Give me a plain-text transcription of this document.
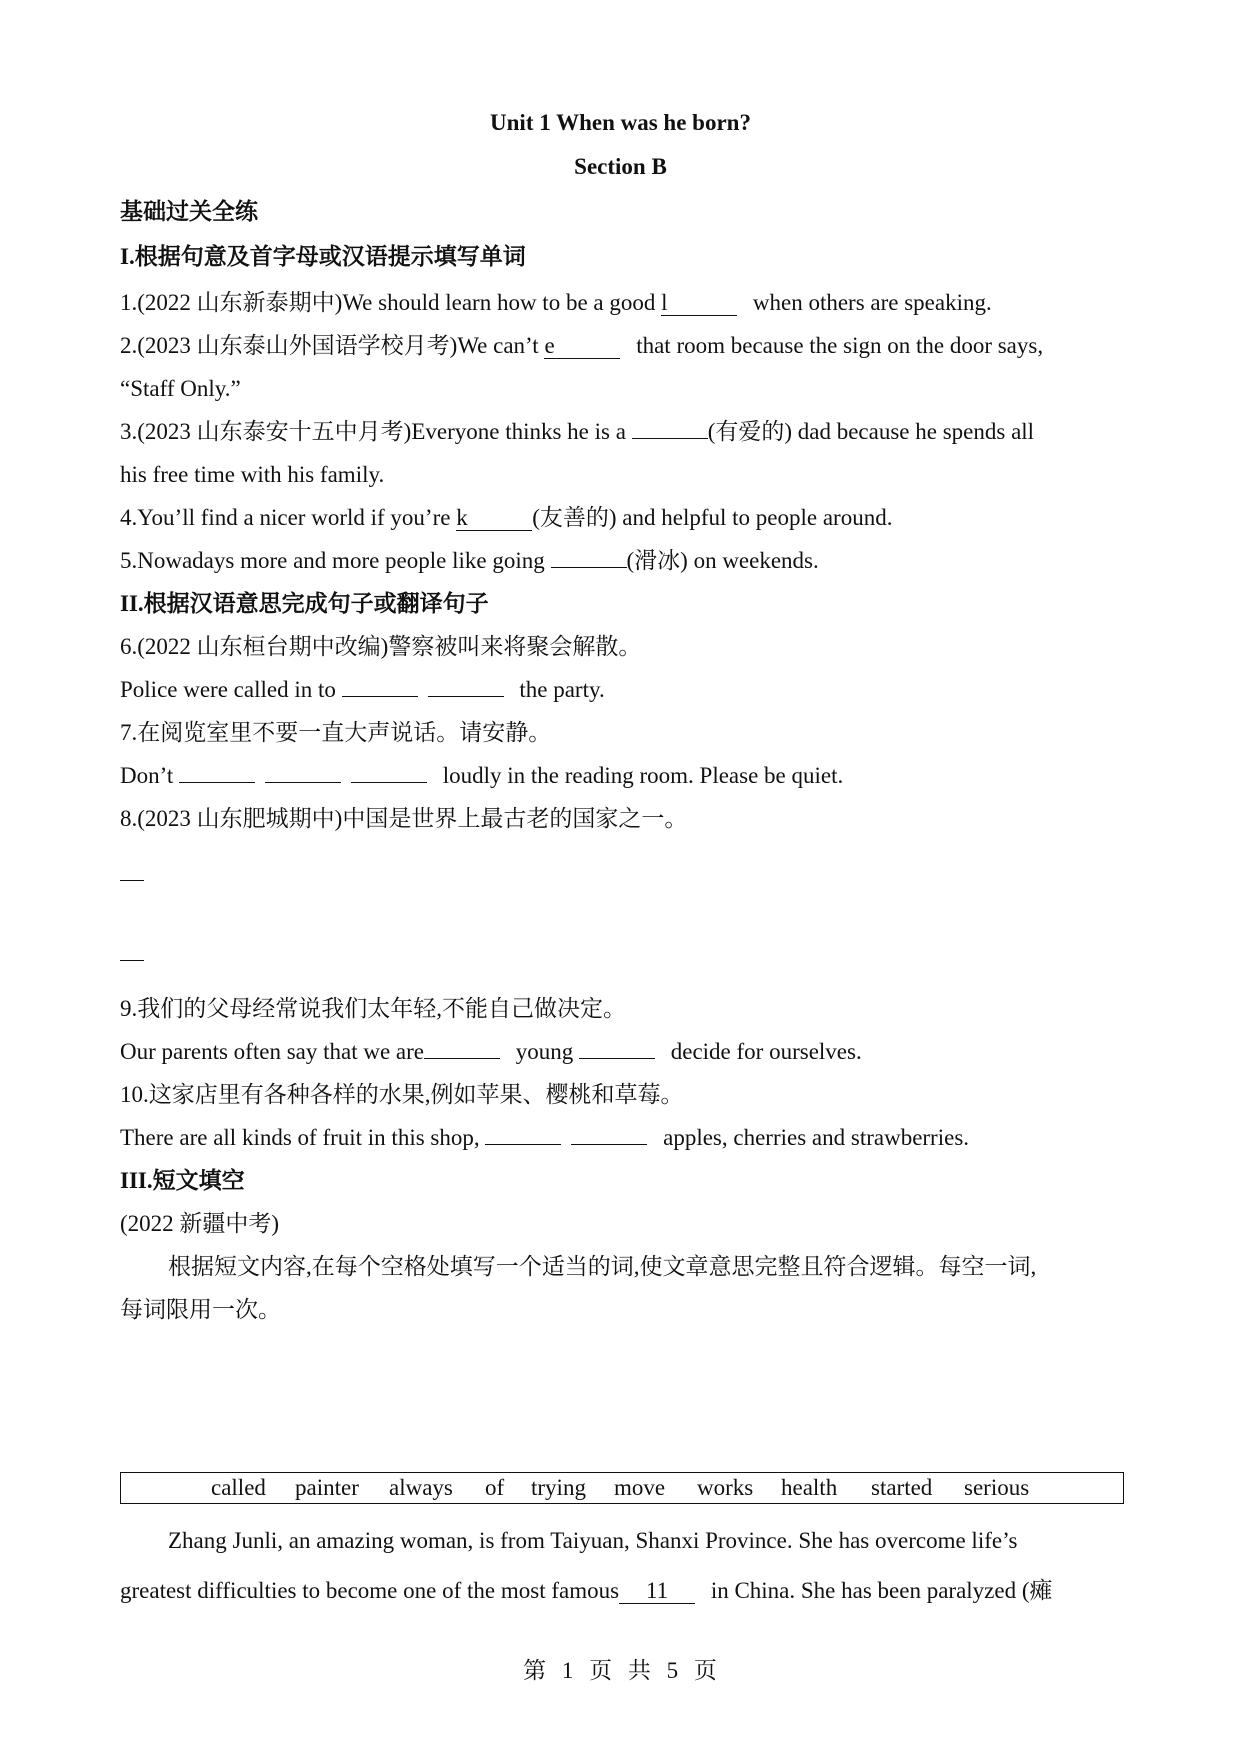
Unit 1 When was he born?
Section B
基础过关全练
I.根据句意及首字母或汉语提示填写单词
1.(2022 山东新泰期中)We should learn how to be a good l	when others are speaking.
2.(2023 山东泰山外国语学校月考)We can’t e	that room because the sign on the door says,
“Staff Only.”
3.(2023 山东泰安十五中月考)Everyone thinks he is a	(有爱的) dad because he spends all
his free time with his family.
4.You’ll find a nicer world if you’re k	(友善的) and helpful to people around.
5.Nowadays more and more people like going	(滑冰) on weekends.
II.根据汉语意思完成句子或翻译句子
6.(2022 山东桓台期中改编)警察被叫来将聚会解散。
Police were called in to	the party.
7.在阅览室里不要一直大声说话。请安静。
Don’t	loudly in the reading room. Please be quiet.
8.(2023 山东肥城期中)中国是世界上最古老的国家之一。
9.我们的父母经常说我们太年轻,不能自己做决定。
Our parents often say that we are	young	decide for ourselves.
10.这家店里有各种各样的水果,例如苹果、樱桃和草莓。
There are all kinds of fruit in this shop,	apples, cherries and strawberries.
III.短文填空
(2022 新疆中考)
根据短文内容,在每个空格处填写一个适当的词,使文章意思完整且符合逻辑。每空一词,
每词限用一次。
called painter always of trying move works health started serious
Zhang Junli, an amazing woman, is from Taiyuan, Shanxi Province. She has overcome life’s
greatest difficulties to become one of the most famous 11 in China. She has been paralyzed (瘫
第 1 页 共 5 页
